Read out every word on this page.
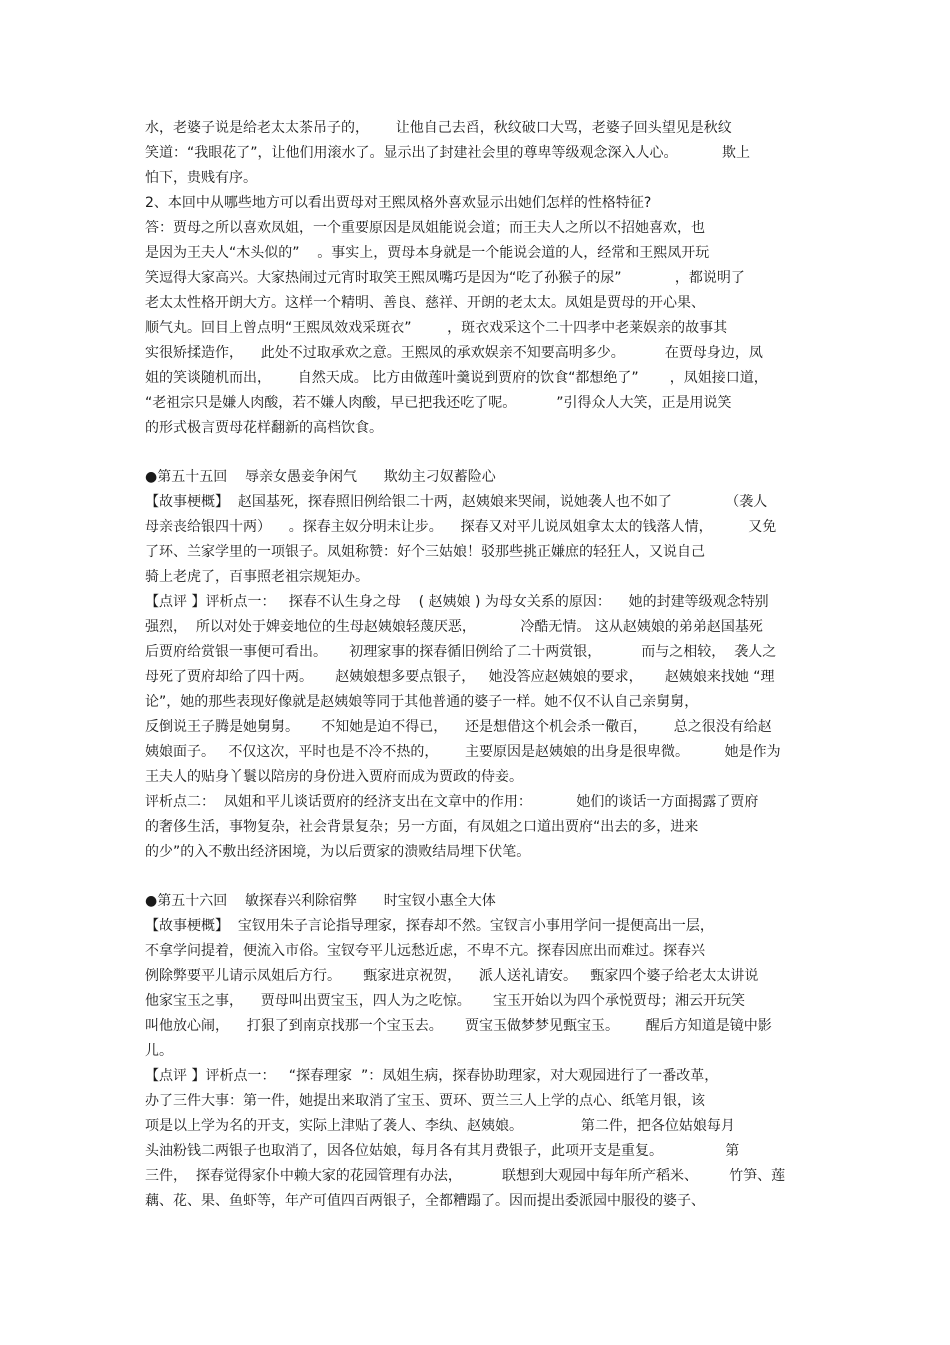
水，老婆子说是给老太太茶吊子的，      让他自己去舀，秋纹破口大骂，老婆子回头望见是秋纹
笑道：“我眼花了”，让他们用滚水了。显示出了封建社会里的尊卑等级观念深入人心。          欺上
怕下，贵贱有序。
2、本回中从哪些地方可以看出贾母对王熙凤格外喜欢显示出她们怎样的性格特征?
答：贾母之所以喜欢凤姐，一个重要原因是凤姐能说会道；而王夫人之所以不招她喜欢，也
是因为王夫人“木头似的”    。事实上，贾母本身就是一个能说会道的人，经常和王熙凤开玩
笑逗得大家高兴。大家热闹过元宵时取笑王熙凤嘴巧是因为“吃了孙猴子的尿”            ，都说明了
老太太性格开朗大方。这样一个精明、善良、慈祥、开朗的老太太。凤姐是贾母的开心果、
顺气丸。回目上曾点明“王熙凤效戏采斑衣”        ，斑衣戏采这个二十四孝中老莱娱亲的故事其
实很矫揉造作，    此处不过取承欢之意。王熙凤的承欢娱亲不知要高明多少。         在贾母身边，凤
姐的笑谈随机而出，      自然天成。 比方由做莲叶羹说到贾府的饮食“都想绝了”       ，凤姐接口道，
“老祖宗只是嫌人肉酸，若不嫌人肉酸，早已把我还吃了呢。         ”引得众人大笑，正是用说笑
的形式极言贾母花样翻新的高档饮食。
●第五十五回    辱亲女愚妾争闲气      欺幼主刁奴蓄险心
【故事梗概】  赵国基死，探春照旧例给银二十两，赵姨娘来哭闹，说她袭人也不如了            （袭人
母亲丧给银四十两）    。探春主奴分明未让步。    探春又对平儿说凤姐拿太太的钱落人情，        又免
了环、兰家学里的一项银子。凤姐称赞：好个三姑娘！驳那些挑正嫌庶的轻狂人，又说自己
骑上老虎了，百事照老祖宗规矩办。
【点评 】评析点一：   探春不认生身之母    ( 赵姨娘 ) 为母女关系的原因：    她的封建等级观念特别
强烈，  所以对处于婢妾地位的生母赵姨娘轻蔑厌恶，          冷酷无情。 这从赵姨娘的弟弟赵国基死
后贾府给赏银一事便可看出。     初理家事的探春循旧例给了二十两赏银，         而与之相较，  袭人之
母死了贾府却给了四十两。     赵姨娘想多要点银子，   她没答应赵姨娘的要求，     赵姨娘来找她 “理
论”，她的那些表现好像就是赵姨娘等同于其他普通的婆子一样。她不仅不认自己亲舅舅，
反倒说王子腾是她舅舅。     不知她是迫不得已，    还是想借这个机会杀一儆百，      总之很没有给赵
姨娘面子。   不仅这次，平时也是不冷不热的，      主要原因是赵姨娘的出身是很卑微。        她是作为
王夫人的贴身丫鬟以陪房的身份进入贾府而成为贾政的侍妾。
评析点二：  凤姐和平儿谈话贾府的经济支出在文章中的作用：          她们的谈话一方面揭露了贾府
的奢侈生活，事物复杂，社会背景复杂；另一方面，有凤姐之口道出贾府“出去的多，进来
的少”的入不敷出经济困境，为以后贾家的溃败结局埋下伏笔。
●第五十六回    敏探春兴利除宿弊      时宝钗小惠全大体
【故事梗概】  宝钗用朱子言论指导理家，探春却不然。宝钗言小事用学问一提便高出一层，
不拿学问提着，便流入市俗。宝钗夸平儿远愁近虑，不卑不亢。探春因庶出而难过。探春兴
例除弊要平儿请示凤姐后方行。     甄家进京祝贺，    派人送礼请安。   甄家四个婆子给老太太讲说
他家宝玉之事，    贾母叫出贾宝玉，四人为之吃惊。     宝玉开始以为四个承悦贾母；湘云开玩笑
叫他放心闹，    打狠了到南京找那一个宝玉去。     贾宝玉做梦梦见甄宝玉。      醒后方知道是镜中影
儿。
【点评 】评析点一：   “探春理家  ”：凤姐生病，探春协助理家，对大观园进行了一番改革，
办了三件大事：第一件，她提出来取消了宝玉、贾环、贾兰三人上学的点心、纸笔月银，该
项是以上学为名的开支，实际上津贴了袭人、李纨、赵姨娘。             第二件，把各位姑娘每月
头油粉钱二两银子也取消了，因各位姑娘，每月各有其月费银子，此项开支是重复。              第
三件，  探春觉得家仆中赖大家的花园管理有办法，         联想到大观园中每年所产稻米、       竹笋、莲
藕、花、果、鱼虾等，年产可值四百两银子，全都糟蹋了。因而提出委派园中服役的婆子、
